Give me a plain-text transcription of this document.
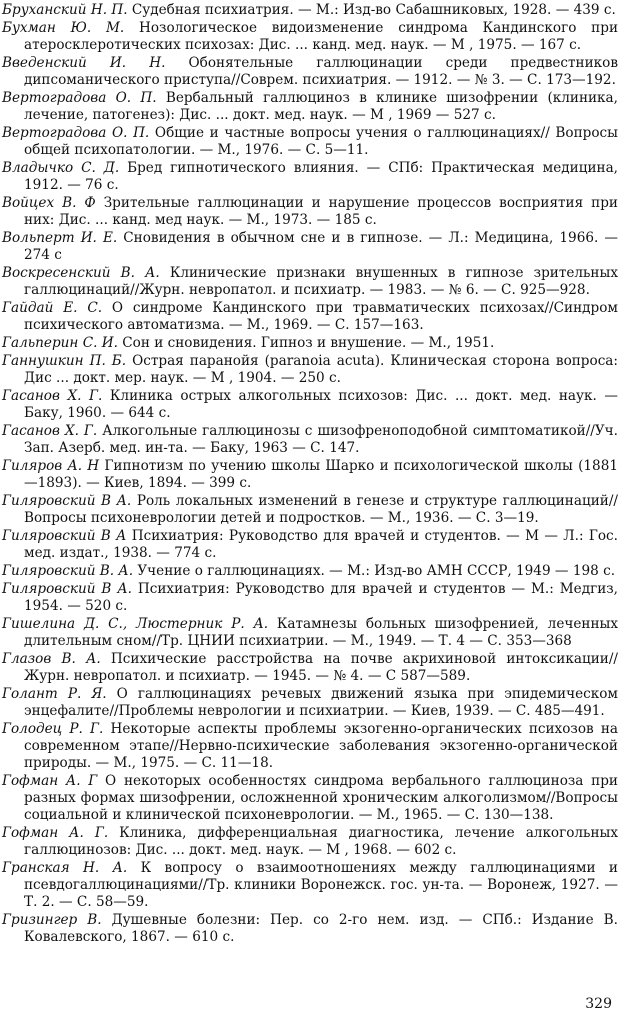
Бруханский Н. П. Судебная психиатрия. — М.: Изд-во Сабашниковых, 1928. — 439 с.
Бухман Ю. М. Нозологическое видоизменение синдрома Кандинского при атеросклеротических психозах: Дис. ... канд. мед. наук. — М , 1975. — 167 с.
Введенский И. Н. Обонятельные галлюцинации среди предвестников дипсоманического приступа//Соврем. психиатрия. — 1912. — № 3. — С. 173—192.
Вертоградова О. П. Вербальный галлюциноз в клинике шизофрении (клиника, лечение, патогенез): Дис. ... докт. мед. наук. — М , 1969 — 527 с.
Вертоградова О. П. Общие и частные вопросы учения о галлюцинациях// Вопросы общей психопатологии. — М., 1976. — С. 5—11.
Владычко С. Д. Бред гипнотического влияния. — СПб: Практическая медицина, 1912. — 76 с.
Войцех В. Ф Зрительные галлюцинации и нарушение процессов восприятия при них: Дис. ... канд. мед наук. — М., 1973. — 185 с.
Вольперт И. Е. Сновидения в обычном сне и в гипнозе. — Л.: Медицина, 1966. — 274 с
Воскресенский В. А. Клинические признаки внушенных в гипнозе зрительных галлюцинаций//Журн. невропатол. и психиатр. — 1983. — № 6. — С. 925—928.
Гайдай Е. С. О синдроме Кандинского при травматических психозах//Синдром психического автоматизма. — М., 1969. — С. 157—163.
Гальперин С. И. Сон и сновидения. Гипноз и внушение. — М., 1951.
Ганнушкин П. Б. Острая паранойя (paranoia acuta). Клиническая сторона вопроса: Дис ... докт. мер. наук. — М , 1904. — 250 с.
Гасанов Х. Г. Клиника острых алкогольных психозов: Дис. ... докт. мед. наук. — Баку, 1960. — 644 с.
Гасанов Х. Г. Алкогольные галлюцинозы с шизофреноподобной симптоматикой//Уч. Зап. Азерб. мед. ин-та. — Баку, 1963 — С. 147.
Гиляров А. Н Гипнотизм по учению школы Шарко и психологической школы (1881—1893). — Киев, 1894. — 399 с.
Гиляровский В А. Роль локальных изменений в генезе и структуре галлюцинаций//Вопросы психоневрологии детей и подростков. — М., 1936. — С. 3—19.
Гиляровский В А Психиатрия: Руководство для врачей и студентов. — М — Л.: Гос. мед. издат., 1938. — 774 с.
Гиляровский В. А. Учение о галлюцинациях. — М.: Изд-во АМН СССР, 1949 — 198 с.
Гиляровский В А. Психиатрия: Руководство для врачей и студентов — М.: Медгиз, 1954. — 520 с.
Гишелина Д. С., Люстерник Р. А. Катамнезы больных шизофренией, леченных длительным сном//Тр. ЦНИИ психиатрии. — М., 1949. — Т. 4 — С. 353—368
Глазов В. А. Психические расстройства на почве акрихиновой интоксикации// Журн. невропатол. и психиатр. — 1945. — № 4. — С 587—589.
Голант Р. Я. О галлюцинациях речевых движений языка при эпидемическом энцефалите//Проблемы неврологии и психиатрии. — Киев, 1939. — С. 485—491.
Голодец Р. Г. Некоторые аспекты проблемы экзогенно-органических психозов на современном этапе//Нервно-психические заболевания экзогенно-органической природы. — М., 1975. — С. 11—18.
Гофман А. Г О некоторых особенностях синдрома вербального галлюциноза при разных формах шизофрении, осложненной хроническим алкоголизмом//Вопросы социальной и клинической психоневрологии. — М., 1965. — С. 130—138.
Гофман А. Г. Клиника, дифференциальная диагностика, лечение алкогольных галлюцинозов: Дис. ... докт. мед. наук. — М , 1968. — 602 с.
Гранская Н. А. К вопросу о взаимоотношениях между галлюцинациями и псевдогаллюцинациями//Тр. клиники Воронежск. гос. ун-та. — Воронеж, 1927. — Т. 2. — С. 58—59.
Гризингер В. Душевные болезни: Пер. со 2-го нем. изд. — СПб.: Издание В. Ковалевского, 1867. — 610 с.
329
